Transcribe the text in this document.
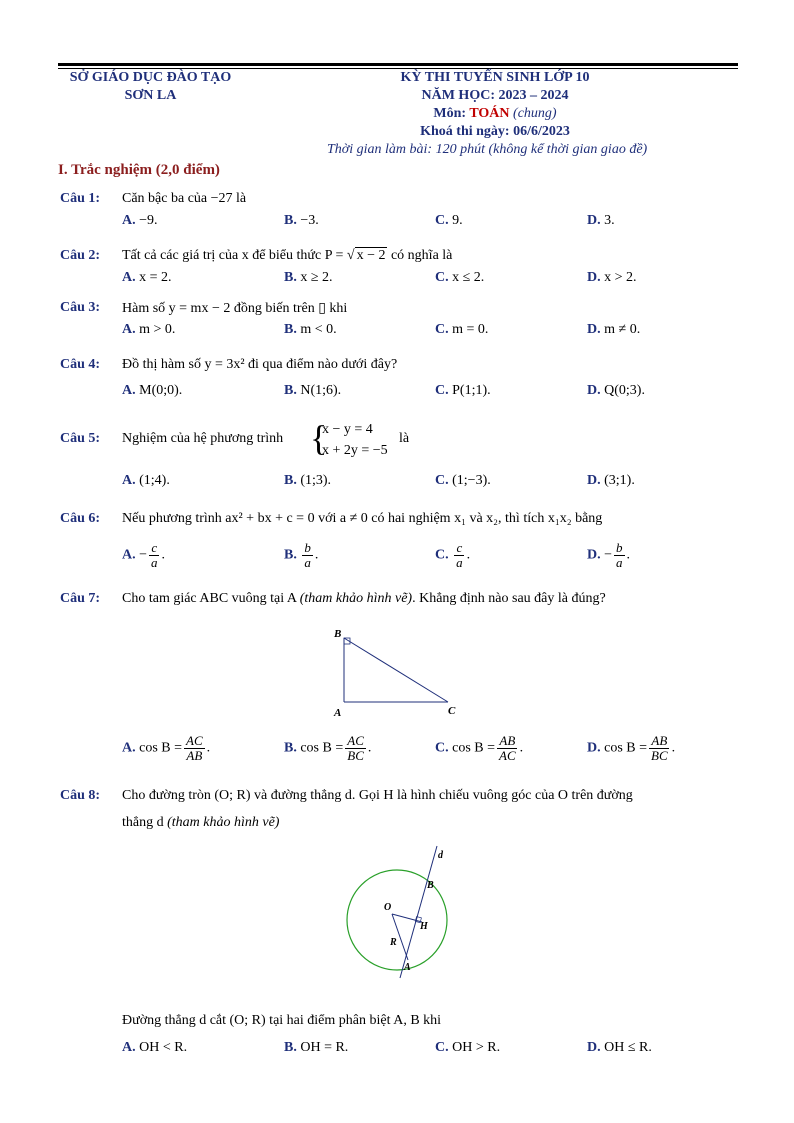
SỞ GIÁO DỤC ĐÀO TẠO
SƠN LA
KỲ THI TUYỂN SINH LỚP 10
NĂM HỌC: 2023 – 2024
Môn: TOÁN (chung)
Khoá thi ngày: 06/6/2023
Thời gian làm bài: 120 phút (không kể thời gian giao đề)
I. Trắc nghiệm (2,0 điểm)
Câu 1: Căn bậc ba của −27 là
A. −9.	B. −3.	C. 9.	D. 3.
Câu 2: Tất cả các giá trị của x để biểu thức P = √ x − 2 có nghĩa là
A. x = 2.	B. x ≥ 2.	C. x ≤ 2.	D. x > 2.
Câu 3: Hàm số y = mx − 2 đồng biến trên ▯ khi
A. m > 0.	B. m < 0.	C. m = 0.	D. m ≠ 0.
Câu 4: Đồ thị hàm số y = 3x² đi qua điểm nào dưới đây?
A. M(0;0).	B. N(1;6).	C. P(1;1).	D. Q(0;3).
Câu 5: Nghiệm của hệ phương trình {
x − y = 4
x + 2y = −5
là
A. (1;4).	B. (1;3).	C. (1;−3).	D. (3;1).
Câu 6: Nếu phương trình ax² + bx + c = 0 với a ≠ 0 có hai nghiệm x₁ và x₂, thì tích x₁x₂ bằng
A. − $\frac{c}{a}$ .	B. $\frac{b}{a}$ .	C. $\frac{c}{a}$ .	D. − $\frac{b}{a}$ .
Câu 7: Cho tam giác ABC vuông tại A (tham khảo hình vẽ). Khẳng định nào sau đây là đúng?
B
A	C
A. $\cos B = \frac{AC}{AB}$ .	B. $\cos B = \frac{AC}{BC}$ .	C. $\cos B = \frac{AB}{AC}$ .	D. $\cos B = \frac{AB}{BC}$ .
Câu 8: Cho đường tròn (O; R) và đường thẳng d. Gọi H là hình chiếu vuông góc của O trên đường
thẳng d (tham khảo hình vẽ)
d
B
O
H
R
A
Đường thẳng d cắt (O; R) tại hai điểm phân biệt A, B khi
A. OH < R.	B. OH = R.	C. OH > R.	D. OH ≤ R.
